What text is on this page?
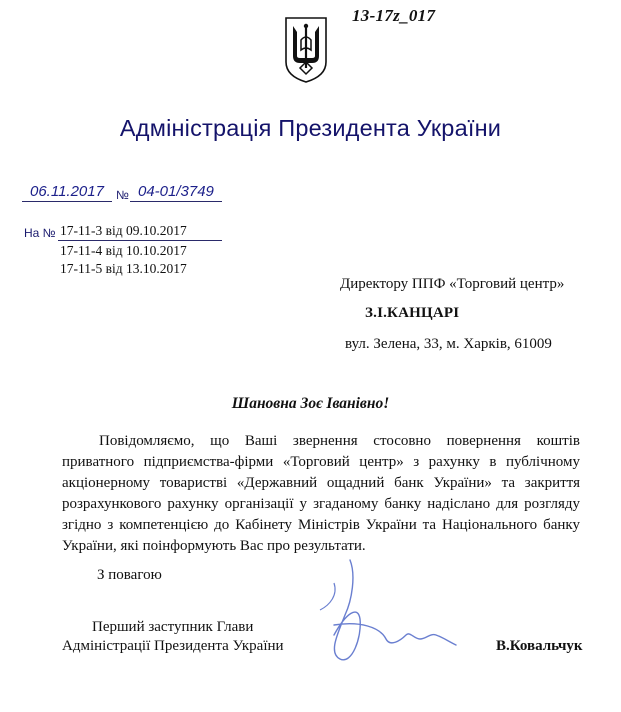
13-17z_017
Адміністрація Президента України
06.11.2017 № 04-01/3749
На № 17-11-3 від 09.10.2017
17-11-4 від 10.10.2017
17-11-5 від 13.10.2017
Директору ППФ «Торговий центр»
З.І.КАНЦАРІ
вул. Зелена, 33, м. Харків, 61009
Шановна Зоє Іванівно!
Повідомляємо, що Ваші звернення стосовно повернення коштів приватного підприємства-фірми «Торговий центр» з рахунку в публічному акціонерному товаристві «Державний ощадний банк України» та закриття розрахункового рахунку організації у згаданому банку надіслано для розгляду згідно з компетенцією до Кабінету Міністрів України та Національного банку України, які поінформують Вас про результати.
З повагою
Перший заступник Глави
Адміністрації Президента України	В.Ковальчук
